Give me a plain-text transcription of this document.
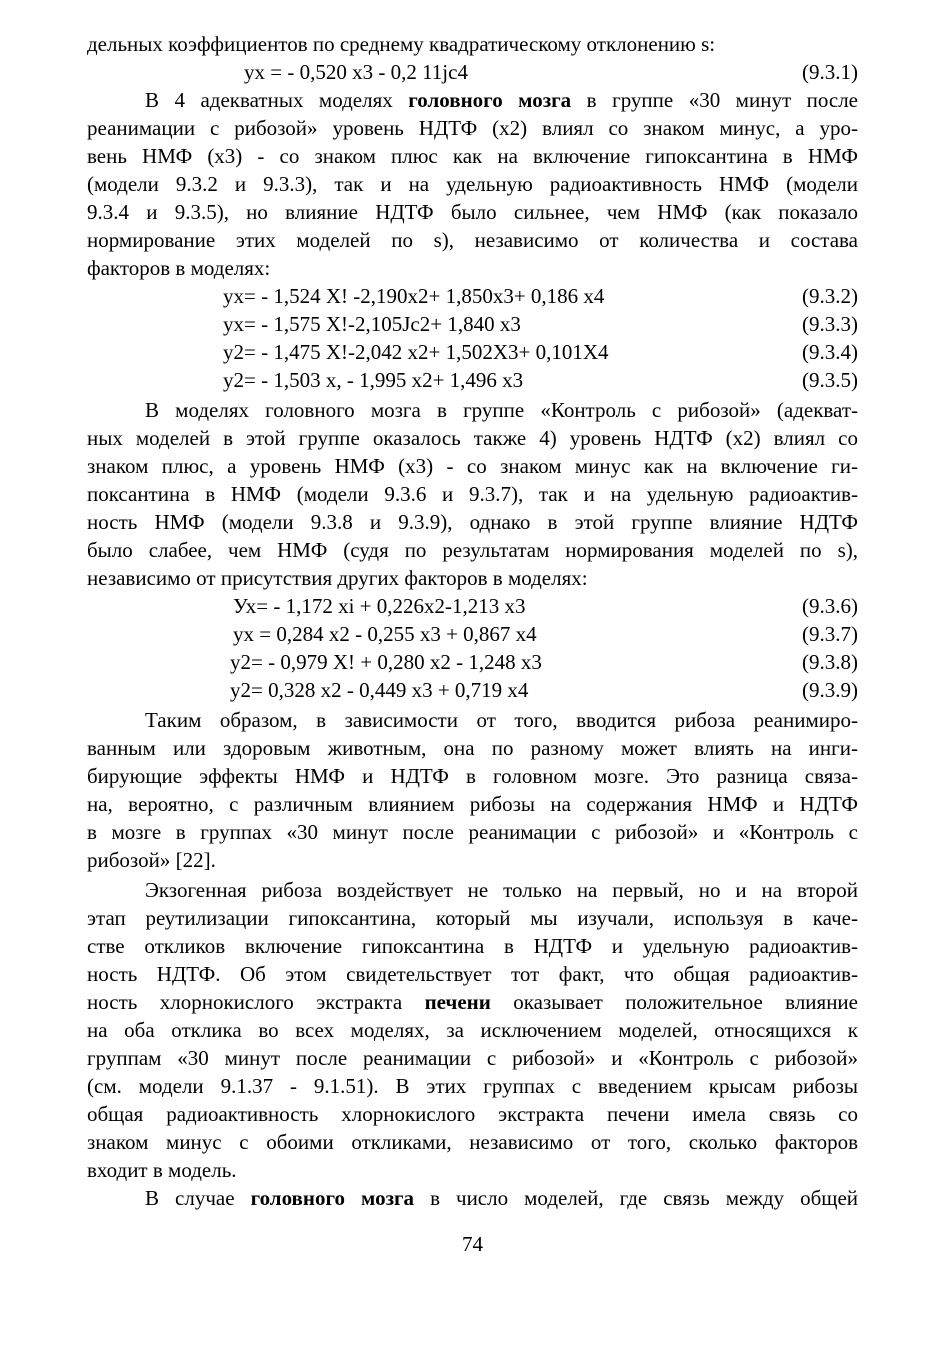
дельных коэффициентов по среднему квадратическому отклонению s:
yx = - 0,520 x3 - 0,2 11jc4	(9.3.1)
В 4 адекватных моделях головного мозга в группе «30 минут после
реанимации с рибозой» уровень НДТФ (х2) влиял со знаком минус, а уро-
вень НМФ (х3) - со знаком плюс как на включение гипоксантина в НМФ
(модели 9.3.2 и 9.3.3), так и на удельную радиоактивность НМФ (модели
9.3.4 и 9.3.5), но влияние НДТФ было сильнее, чем НМФ (как показало
нормирование этих моделей по s), независимо от количества и состава
факторов в моделях:
yx= - 1,524 X! -2,190x2+ 1,850x3+ 0,186 x4	(9.3.2)
yx= - 1,575 X!-2,105Jc2+ 1,840 x3	(9.3.3)
y2= - 1,475 X!-2,042 x2+ 1,502X3+ 0,101X4	(9.3.4)
y2= - 1,503 x, - 1,995 x2+ 1,496 x3	(9.3.5)
В моделях головного мозга в группе «Контроль с рибозой» (адекват-
ных моделей в этой группе оказалось также 4) уровень НДТФ (х2) влиял со
знаком плюс, а уровень НМФ (х3) - со знаком минус как на включение ги-
поксантина в НМФ (модели 9.3.6 и 9.3.7), так и на удельную радиоактив-
ность НМФ (модели 9.3.8 и 9.3.9), однако в этой группе влияние НДТФ
было слабее, чем НМФ (судя по результатам нормирования моделей по s),
независимо от присутствия других факторов в моделях:
Ух= - 1,172 xi + 0,226x2-1,213 x3	(9.3.6)
yx = 0,284 x2 - 0,255 x3 + 0,867 x4	(9.3.7)
y2= - 0,979 X! + 0,280 x2 - 1,248 x3	(9.3.8)
y2= 0,328 x2 - 0,449 x3 + 0,719 x4	(9.3.9)
Таким образом, в зависимости от того, вводится рибоза реанимиро-
ванным или здоровым животным, она по разному может влиять на инги-
бирующие эффекты НМФ и НДТФ в головном мозге. Это разница связа-
на, вероятно, с различным влиянием рибозы на содержания НМФ и НДТФ
в мозге в группах «30 минут после реанимации с рибозой» и «Контроль с
рибозой» [22].
Экзогенная рибоза воздействует не только на первый, но и на второй
этап реутилизации гипоксантина, который мы изучали, используя в каче-
стве откликов включение гипоксантина в НДТФ и удельную радиоактив-
ность НДТФ. Об этом свидетельствует тот факт, что общая радиоактив-
ность хлорнокислого экстракта печени оказывает положительное влияние
на оба отклика во всех моделях, за исключением моделей, относящихся к
группам «30 минут после реанимации с рибозой» и «Контроль с рибозой»
(см. модели 9.1.37 - 9.1.51). В этих группах с введением крысам рибозы
общая радиоактивность хлорнокислого экстракта печени имела связь со
знаком минус с обоими откликами, независимо от того, сколько факторов
входит в модель.
В случае головного мозга в число моделей, где связь между общей
74
